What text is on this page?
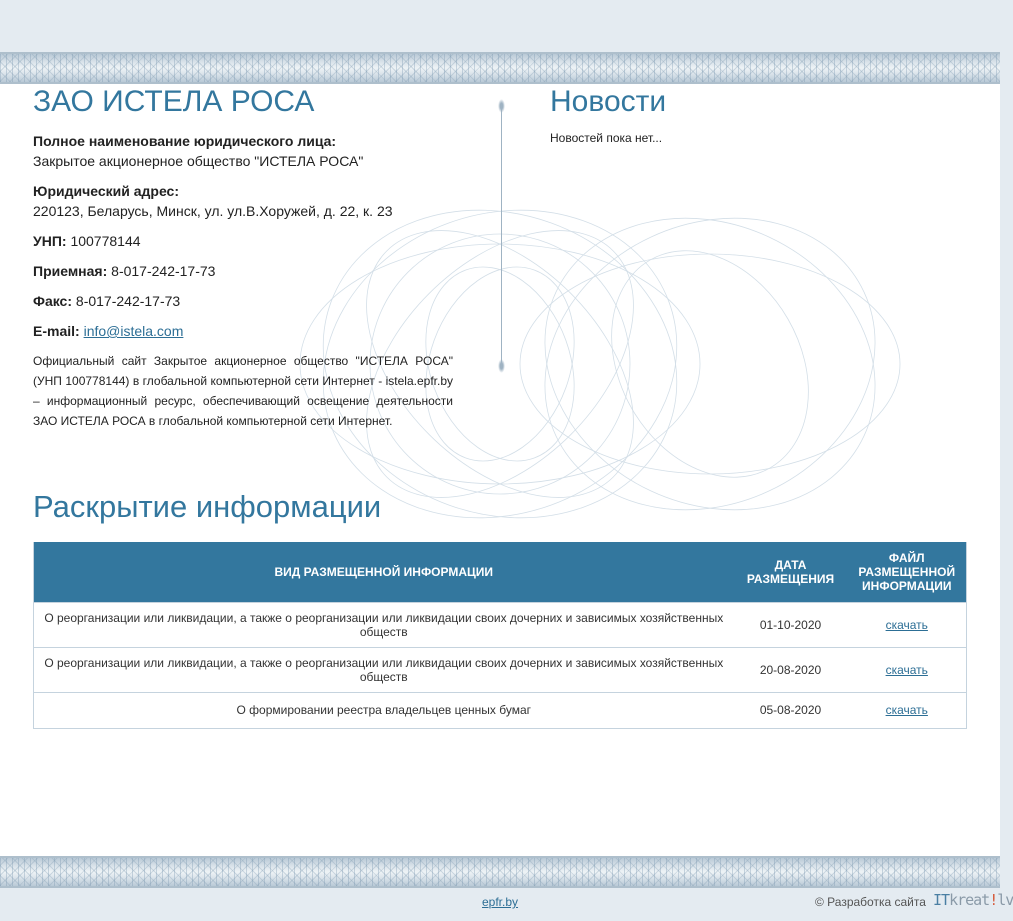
ЗАО ИСТЕЛА РОСА
Полное наименование юридического лица:
Закрытое акционерное общество "ИСТЕЛА РОСА"
Юридический адрес:
220123, Беларусь, Минск, ул. ул.В.Хоружей, д. 22, к. 23
УНП: 100778144
Приемная: 8-017-242-17-73
Факс: 8-017-242-17-73
E-mail: info@istela.com

Официальный сайт Закрытое акционерное общество "ИСТЕЛА РОСА" (УНП 100778144) в глобальной компьютерной сети Интернет - istela.epfr.by – информационный ресурс, обеспечивающий освещение деятельности ЗАО ИСТЕЛА РОСА в глобальной компьютерной сети Интернет.

Новости

Новостей пока нет...

Раскрытие информации
ВИД РАЗМЕЩЕННОЙ ИНФОРМАЦИИ	ДАТА РАЗМЕЩЕНИЯ	ФАЙЛ РАЗМЕЩЕННОЙ ИНФОРМАЦИИ
О реорганизации или ликвидации, а также о реорганизации или ликвидации своих дочерних и зависимых хозяйственных обществ	01-10-2020	скачать
О реорганизации или ликвидации, а также о реорганизации или ликвидации своих дочерних и зависимых хозяйственных обществ	20-08-2020	скачать
О формировании реестра владельцев ценных бумаг	05-08-2020	скачать
epfr.by	© Разработка сайта ITkreat!lv
